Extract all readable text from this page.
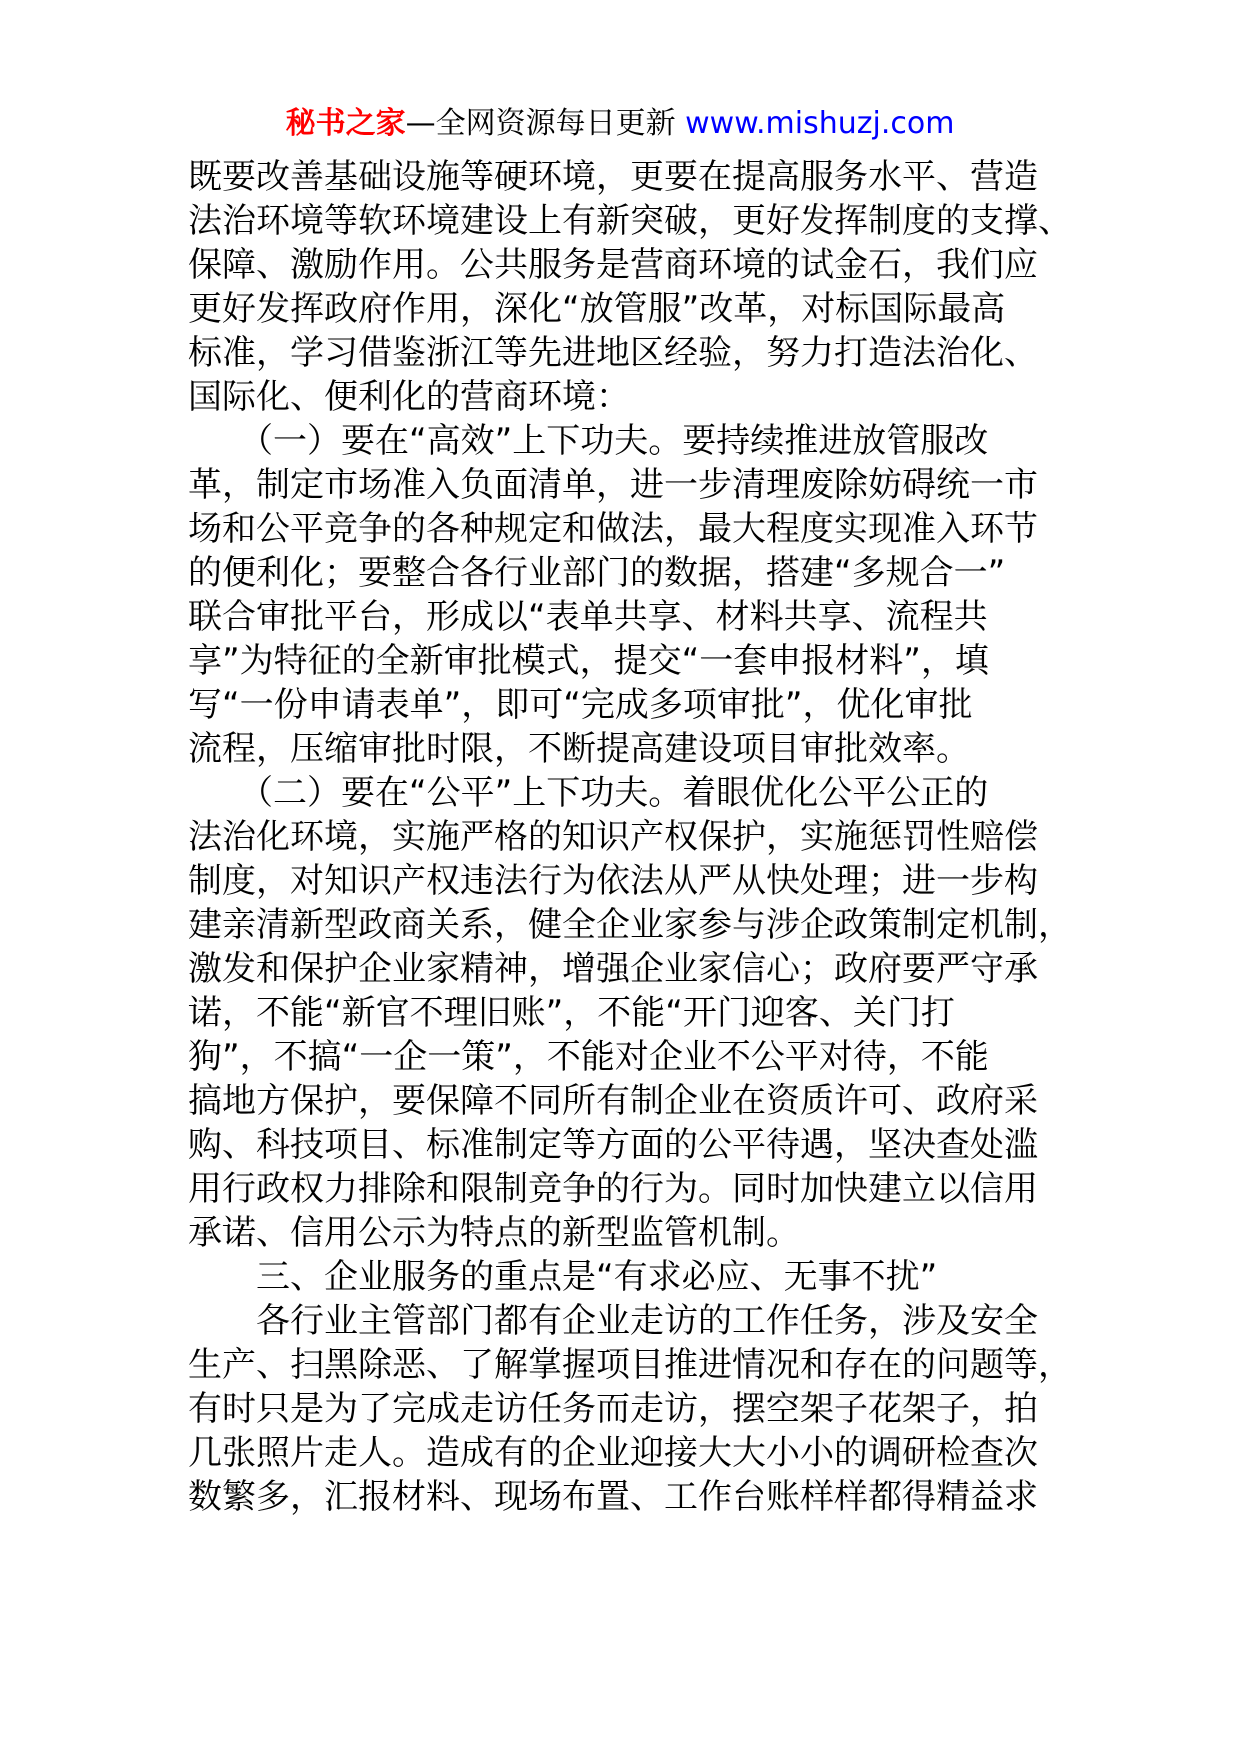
秘书之家—全网资源每日更新 www.mishuzj.com
既要改善基础设施等硬环境，更要在提高服务水平、营造
法治环境等软环境建设上有新突破，更好发挥制度的支撑、
保障、激励作用。公共服务是营商环境的试金石，我们应
更好发挥政府作用，深化“放管服”改革，对标国际最高
标准，学习借鉴浙江等先进地区经验，努力打造法治化、
国际化、便利化的营商环境：
　　（一）要在“高效”上下功夫。要持续推进放管服改
革，制定市场准入负面清单，进一步清理废除妨碍统一市
场和公平竞争的各种规定和做法，最大程度实现准入环节
的便利化；要整合各行业部门的数据，搭建“多规合一”
联合审批平台，形成以“表单共享、材料共享、流程共
享”为特征的全新审批模式，提交“一套申报材料”，填
写“一份申请表单”，即可“完成多项审批”，优化审批
流程，压缩审批时限，不断提高建设项目审批效率。
　　（二）要在“公平”上下功夫。着眼优化公平公正的
法治化环境，实施严格的知识产权保护，实施惩罚性赔偿
制度，对知识产权违法行为依法从严从快处理；进一步构
建亲清新型政商关系，健全企业家参与涉企政策制定机制，
激发和保护企业家精神，增强企业家信心；政府要严守承
诺，不能“新官不理旧账”，不能“开门迎客、关门打
狗”，不搞“一企一策”，不能对企业不公平对待，不能
搞地方保护，要保障不同所有制企业在资质许可、政府采
购、科技项目、标准制定等方面的公平待遇，坚决查处滥
用行政权力排除和限制竞争的行为。同时加快建立以信用
承诺、信用公示为特点的新型监管机制。
　　三、企业服务的重点是“有求必应、无事不扰”
　　各行业主管部门都有企业走访的工作任务，涉及安全
生产、扫黑除恶、了解掌握项目推进情况和存在的问题等，
有时只是为了完成走访任务而走访，摆空架子花架子，拍
几张照片走人。造成有的企业迎接大大小小的调研检查次
数繁多，汇报材料、现场布置、工作台账样样都得精益求
